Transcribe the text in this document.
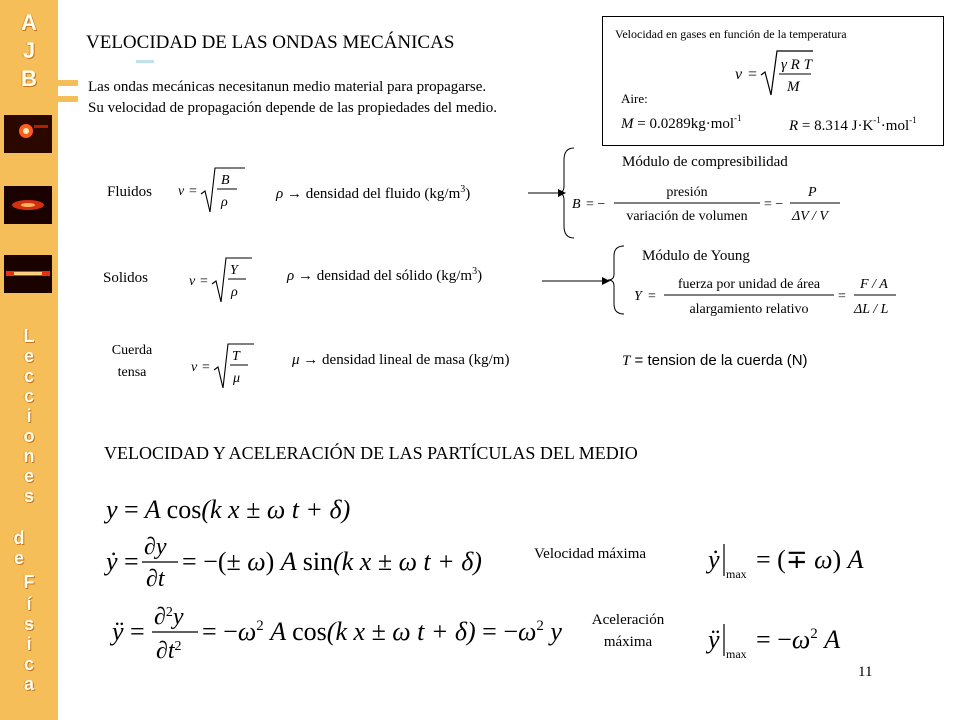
A
J
B
L
e
c
c
i
o
n
e
s
d
e
F
í
s
i
c
a
VELOCIDAD DE LAS ONDAS MECÁNICAS
Las ondas mecánicas necesitanun medio material para propagarse.
Su velocidad de propagación depende de las propiedades del medio.
Velocidad en gases en función de la temperatura
Aire:
v =
γ R T
M
M = 0.0289kg·mol$^{-1}$	R = 8.314 $J\cdot K^{-1}\cdot mol^{-1}$
Fluidos v =
B
ρ
ρ → densidad del fluido $(kg/m^3)$
Módulo de compresibilidad
B = −
presión
variación de volumen
= −
P
ΔV / V
Solidos	v =
Y
ρ
ρ → densidad del sólido $(kg/m^3)$
Módulo de Young
Y =
fuerza por unidad de área
alargamiento relativo
=
F / A
ΔL / L
Cuerda
tensa	v =
T
μ
μ → densidad lineal de masa (kg/m)	T = tension de la cuerda (N)
VELOCIDAD Y ACELERACIÓN DE LAS PARTÍCULAS DEL MEDIO
y = A cos(k x ± ω t + δ)
ẏ = ∂y
∂t
= −(± ω) A sin(k x ± ω t + δ)
ÿ = ∂$^2$y
$\partial t^2$
= $-\omega^2$ A cos(k x ± ω $t + \delta) = -\omega^2$ y
Velocidad máxima
Aceleración
máxima
ẏ max = (∓ ω) A
ÿ $\max = -\omega^2$ A
11
